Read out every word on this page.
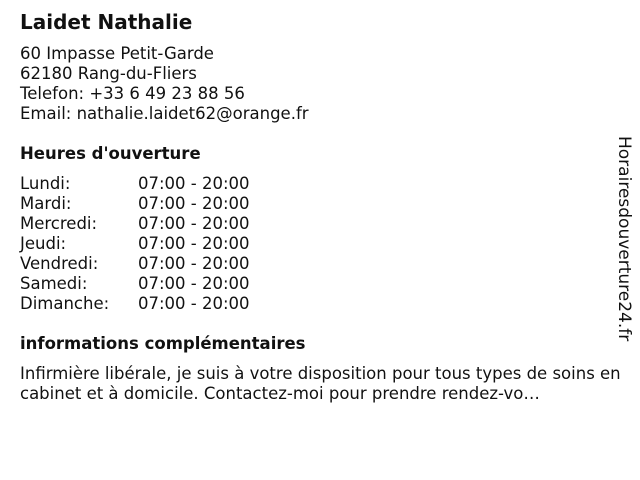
Laidet Nathalie
60 Impasse Petit-Garde
62180 Rang-du-Fliers
Telefon: +33 6 49 23 88 56
Email: nathalie.laidet62@orange.fr
Heures d'ouverture
Lundi:	07:00 - 20:00
Mardi:	07:00 - 20:00
Mercredi:	07:00 - 20:00
Jeudi:	07:00 - 20:00
Vendredi:	07:00 - 20:00
Samedi:	07:00 - 20:00
Dimanche:	07:00 - 20:00
informations complémentaires

Infirmière libérale, je suis à votre disposition pour tous types de soins en cabinet et à domicile. Contactez-moi pour prendre rendez-vo…

Horairesdouverture24.fr
